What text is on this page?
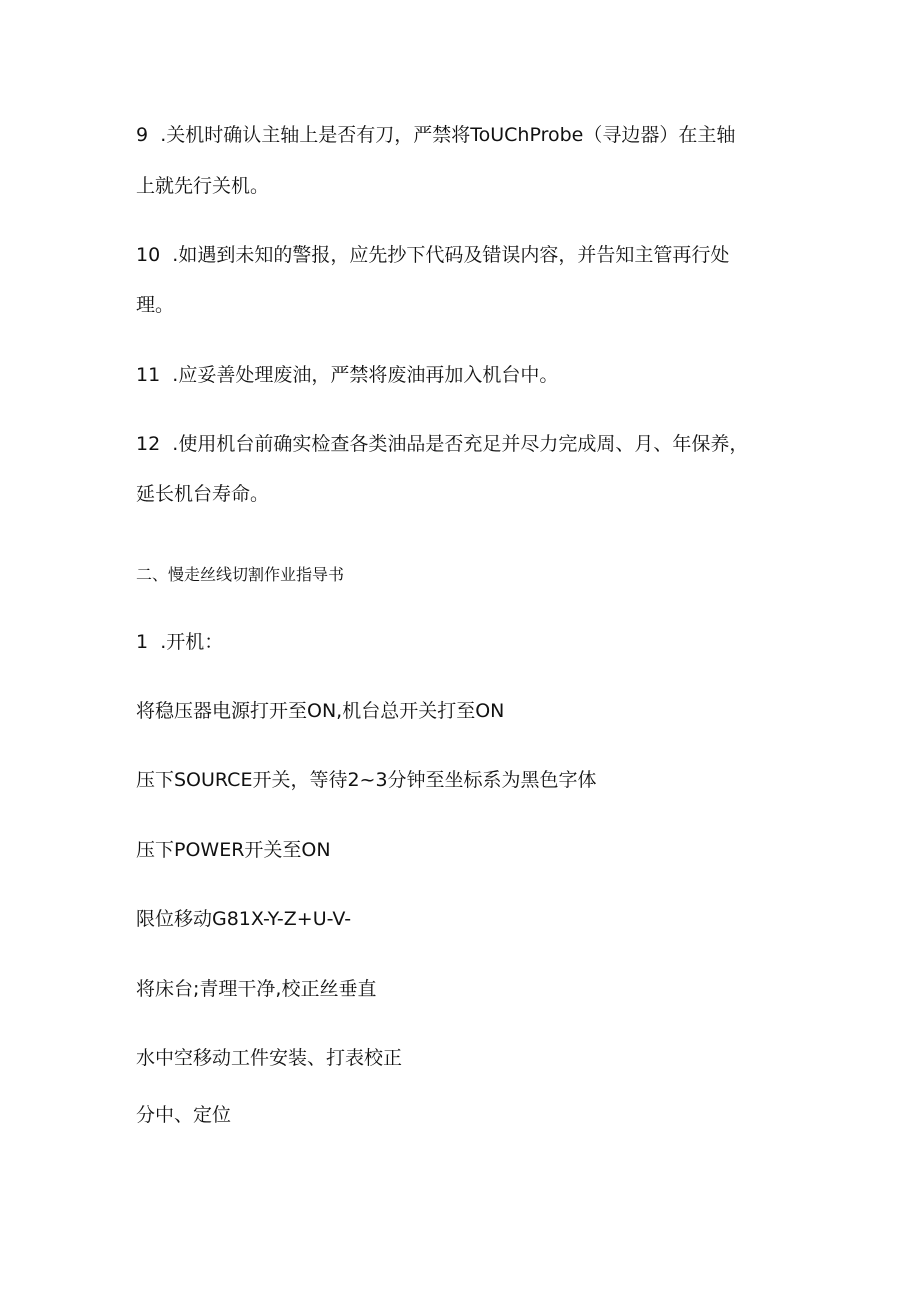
9 .关机时确认主轴上是否有刀，严禁将ToUChProbe（寻边器）在主轴
上就先行关机。
10 .如遇到未知的警报，应先抄下代码及错误内容，并告知主管再行处
理。
11 .应妥善处理废油，严禁将废油再加入机台中。
12 .使用机台前确实检查各类油品是否充足并尽力完成周、月、年保养，
延长机台寿命。
二、慢走丝线切割作业指导书
1 .开机：
将稳压器电源打开至ON,机台总开关打至ON
压下SOURCE开关，等待2~3分钟至坐标系为黑色字体
压下POWER开关至ON
限位移动G81X-Y-Z+U-V-
将床台;青理干净,校正丝垂直
水中空移动工件安装、打表校正
分中、定位
